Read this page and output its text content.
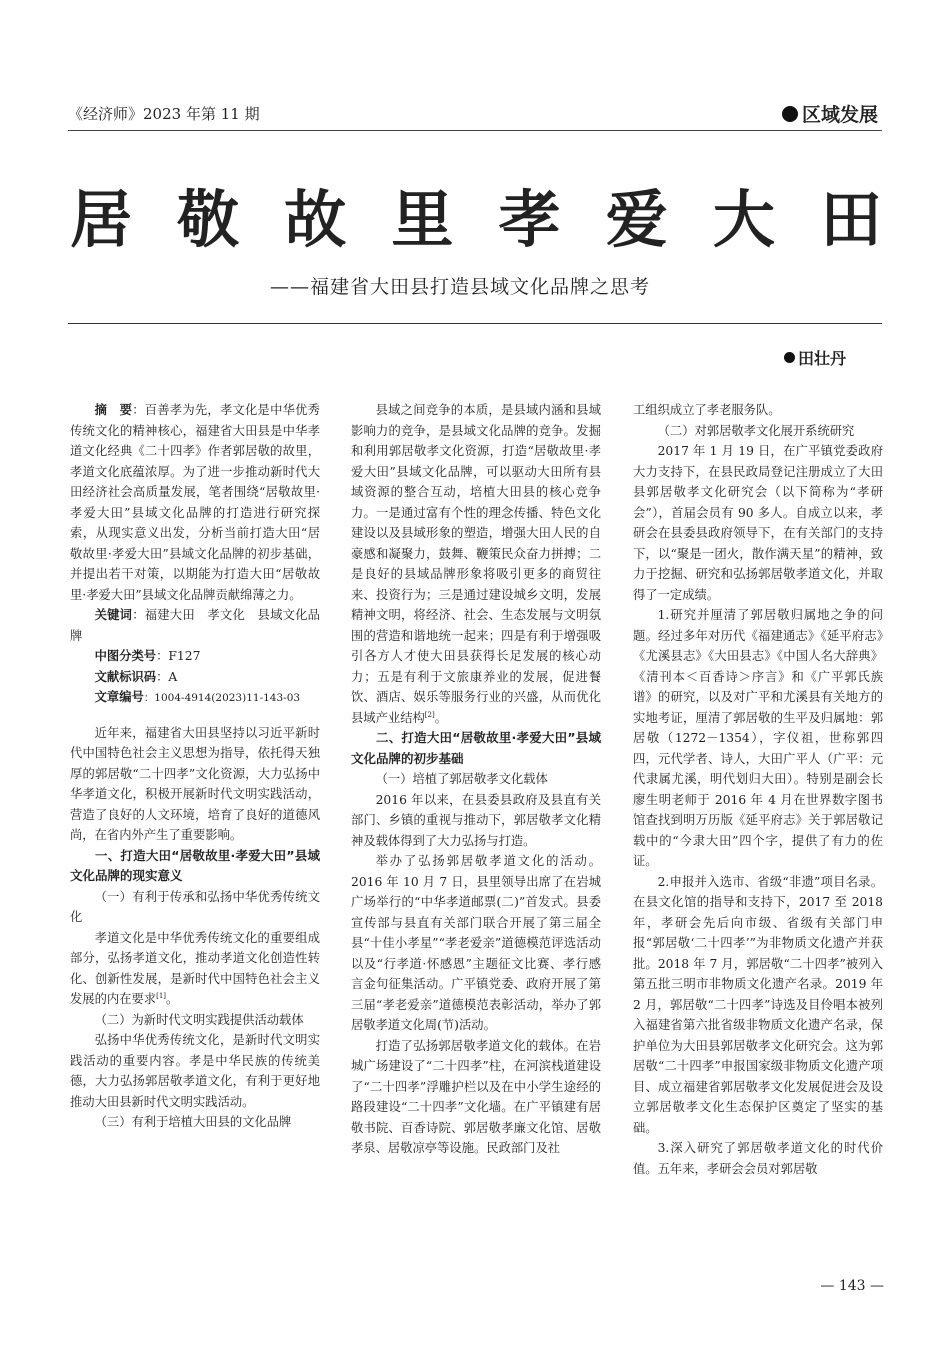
《经济师》2023 年第 11 期	区域发展
居 敬 故 里 孝 爱 大 田
——福建省大田县打造县域文化品牌之思考
田壮丹

摘　要：百善孝为先，孝文化是中华优秀传统文化的精神核心，福建省大田县是中华孝道文化经典《二十四孝》作者郭居敬的故里，孝道文化底蕴浓厚。为了进一步推动新时代大田经济社会高质量发展，笔者围绕“居敬故里·孝爱大田”县域文化品牌的打造进行研究探索，从现实意义出发，分析当前打造大田“居敬故里·孝爱大田”县域文化品牌的初步基础，并提出若干对策，以期能为打造大田“居敬故里·孝爱大田”县域文化品牌贡献绵薄之力。

关键词：福建大田　孝文化　县域文化品牌

中图分类号：F127

文献标识码：A

文章编号：1004-4914(2023)11-143-03

近年来，福建省大田县坚持以习近平新时代中国特色社会主义思想为指导，依托得天独厚的郭居敬“二十四孝”文化资源，大力弘扬中华孝道文化，积极开展新时代文明实践活动，营造了良好的人文环境，培育了良好的道德风尚，在省内外产生了重要影响。

一、打造大田“居敬故里·孝爱大田”县域文化品牌的现实意义

（一）有利于传承和弘扬中华优秀传统文化

孝道文化是中华优秀传统文化的重要组成部分，弘扬孝道文化，推动孝道文化创造性转化、创新性发展，是新时代中国特色社会主义发展的内在要求[1]。

（二）为新时代文明实践提供活动载体

弘扬中华优秀传统文化，是新时代文明实践活动的重要内容。孝是中华民族的传统美德，大力弘扬郭居敬孝道文化，有利于更好地推动大田县新时代文明实践活动。

（三）有利于培植大田县的文化品牌

县域之间竞争的本质，是县域内涵和县域影响力的竞争，是县域文化品牌的竞争。发掘和利用郭居敬孝文化资源，打造“居敬故里·孝爱大田”县域文化品牌，可以驱动大田所有县域资源的整合互动，培植大田县的核心竞争力。一是通过富有个性的理念传播、特色文化建设以及县域形象的塑造，增强大田人民的自豪感和凝聚力，鼓舞、鞭策民众奋力拼搏；二是良好的县域品牌形象将吸引更多的商贸往来、投资行为；三是通过建设城乡文明，发展精神文明，将经济、社会、生态发展与文明氛围的营造和谐地统一起来；四是有利于增强吸引各方人才使大田县获得长足发展的核心动力；五是有利于文旅康养业的发展，促进餐饮、酒店、娱乐等服务行业的兴盛，从而优化县域产业结构[2]。

二、打造大田“居敬故里·孝爱大田”县域文化品牌的初步基础

（一）培植了郭居敬孝文化载体

2016 年以来，在县委县政府及县直有关部门、乡镇的重视与推动下，郭居敬孝文化精神及载体得到了大力弘扬与打造。

举办了弘扬郭居敬孝道文化的活动。2016 年 10 月 7 日，县里领导出席了在岩城广场举行的“中华孝道邮票(二)”首发式。县委宣传部与县直有关部门联合开展了第三届全县“十佳小孝星”“孝老爱亲”道德模范评选活动以及“行孝道·怀感恩”主题征文比赛、孝行感言金句征集活动。广平镇党委、政府开展了第三届“孝老爱亲”道德模范表彰活动，举办了郭居敬孝道文化周(节)活动。

打造了弘扬郭居敬孝道文化的载体。在岩城广场建设了“二十四孝”柱，在河滨栈道建设了“二十四孝”浮雕护栏以及在中小学生途经的路段建设“二十四孝”文化墙。在广平镇建有居敬书院、百香诗院、郭居敬孝廉文化馆、居敬孝泉、居敬凉亭等设施。民政部门及社

工组织成立了孝老服务队。

（二）对郭居敬孝文化展开系统研究

2017 年 1 月 19 日，在广平镇党委政府大力支持下，在县民政局登记注册成立了大田县郭居敬孝文化研究会（以下简称为“孝研会”），首届会员有 90 多人。自成立以来，孝研会在县委县政府领导下，在有关部门的支持下，以“聚是一团火，散作满天星”的精神，致力于挖掘、研究和弘扬郭居敬孝道文化，并取得了一定成绩。

1.研究并厘清了郭居敬归属地之争的问题。经过多年对历代《福建通志》《延平府志》《尤溪县志》《大田县志》《中国人名大辞典》《清刊本＜百香诗＞序言》和《广平郭氏族谱》的研究，以及对广平和尤溪县有关地方的实地考证，厘清了郭居敬的生平及归属地：郭居敬（1272－1354），字仪祖，世称郭四四，元代学者、诗人，大田广平人（广平：元代隶属尤溪，明代划归大田）。特别是副会长廖生明老师于 2016 年 4 月在世界数字图书馆查找到明万历版《延平府志》关于郭居敬记载中的“今隶大田”四个字，提供了有力的佐证。

2.申报并入选市、省级“非遗”项目名录。在县文化馆的指导和支持下，2017 至 2018 年，孝研会先后向市级、省级有关部门申报“郭居敬‘二十四孝’”为非物质文化遗产并获批。2018 年 7 月，郭居敬“二十四孝”被列入第五批三明市非物质文化遗产名录。2019 年 2 月，郭居敬“二十四孝”诗选及目伶唱本被列入福建省第六批省级非物质文化遗产名录，保护单位为大田县郭居敬孝文化研究会。这为郭居敬“二十四孝”申报国家级非物质文化遗产项目、成立福建省郭居敬孝文化发展促进会及设立郭居敬孝文化生态保护区奠定了坚实的基础。

3.深入研究了郭居敬孝道文化的时代价值。五年来，孝研会会员对郭居敬

— 143 —
